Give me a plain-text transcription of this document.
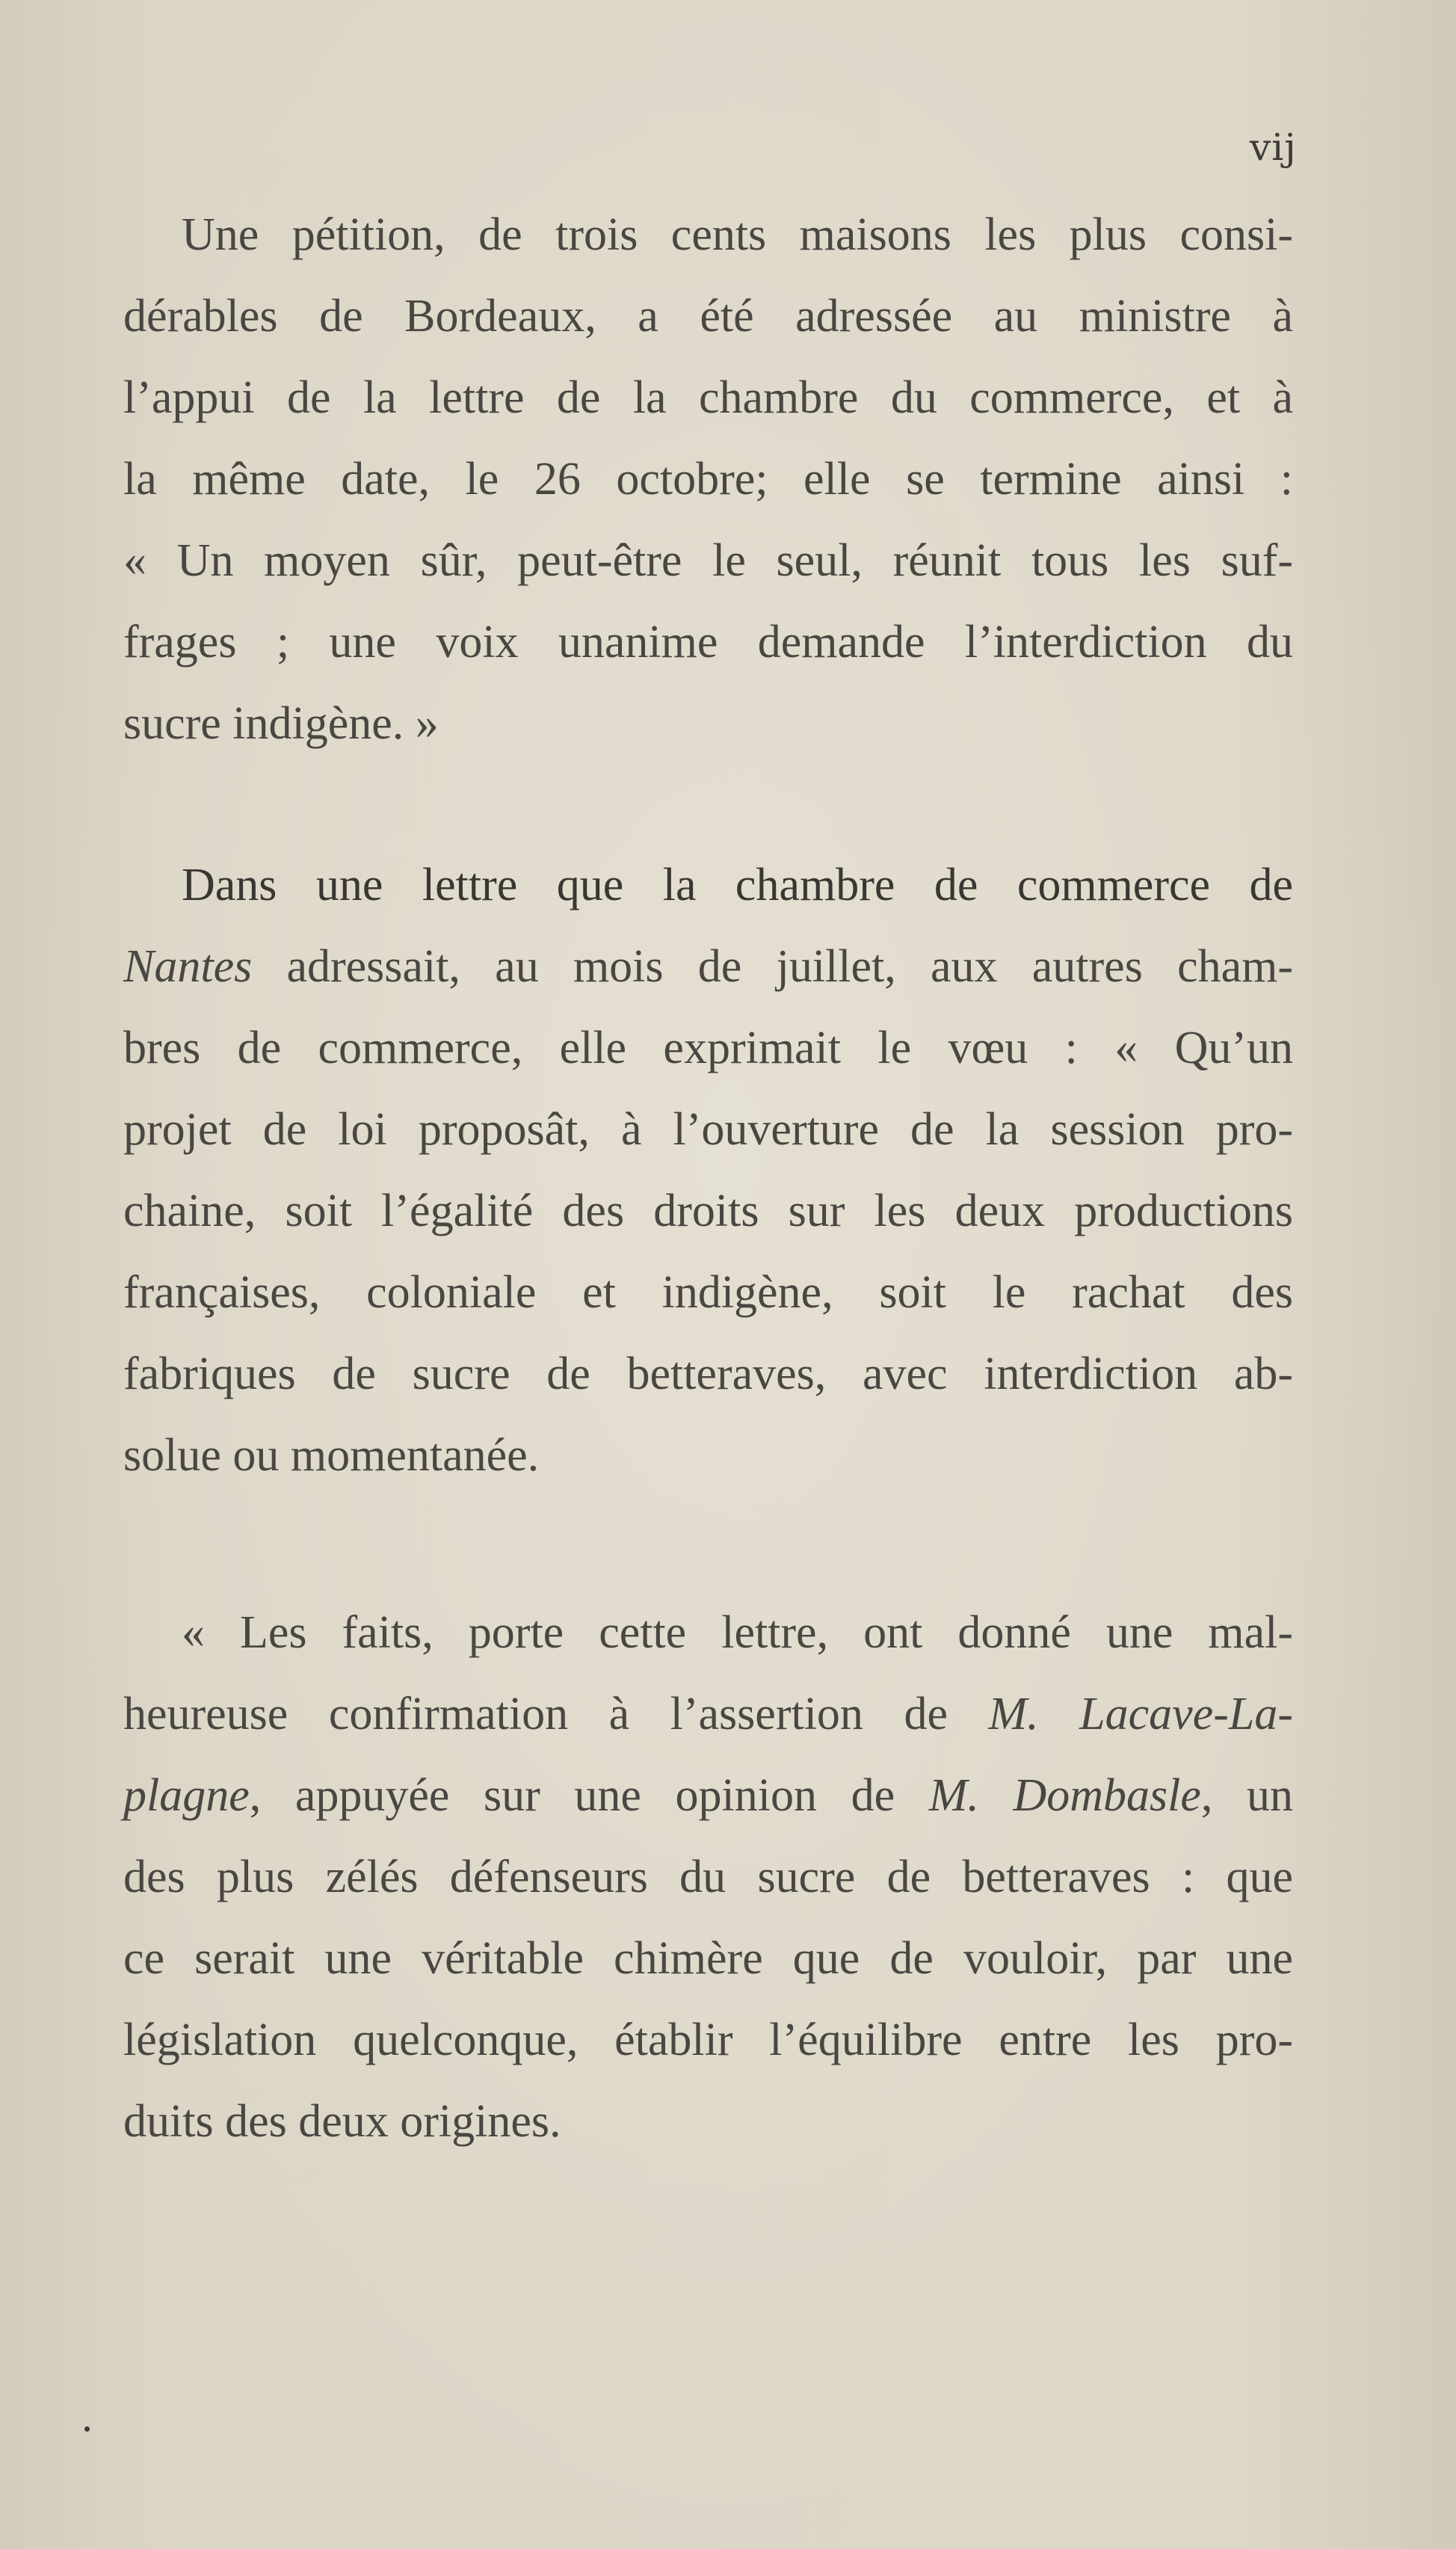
vij
Une pétition, de trois cents maisons les plus consi-
dérables de Bordeaux, a été adressée au ministre à
l’appui de la lettre de la chambre du commerce, et à
la même date, le 26 octobre; elle se termine ainsi :
« Un moyen sûr, peut-être le seul, réunit tous les suf-
frages ; une voix unanime demande l’interdiction du
sucre indigène. »
Dans une lettre que la chambre de commerce de
Nantes adressait, au mois de juillet, aux autres cham-
bres de commerce, elle exprimait le vœu : « Qu’un
projet de loi proposât, à l’ouverture de la session pro-
chaine, soit l’égalité des droits sur les deux productions
françaises, coloniale et indigène, soit le rachat des
fabriques de sucre de betteraves, avec interdiction ab-
solue ou momentanée.
« Les faits, porte cette lettre, ont donné une mal-
heureuse confirmation à l’assertion de M. Lacave-La-
plagne, appuyée sur une opinion de M. Dombasle, un
des plus zélés défenseurs du sucre de betteraves : que
ce serait une véritable chimère que de vouloir, par une
législation quelconque, établir l’équilibre entre les pro-
duits des deux origines.
